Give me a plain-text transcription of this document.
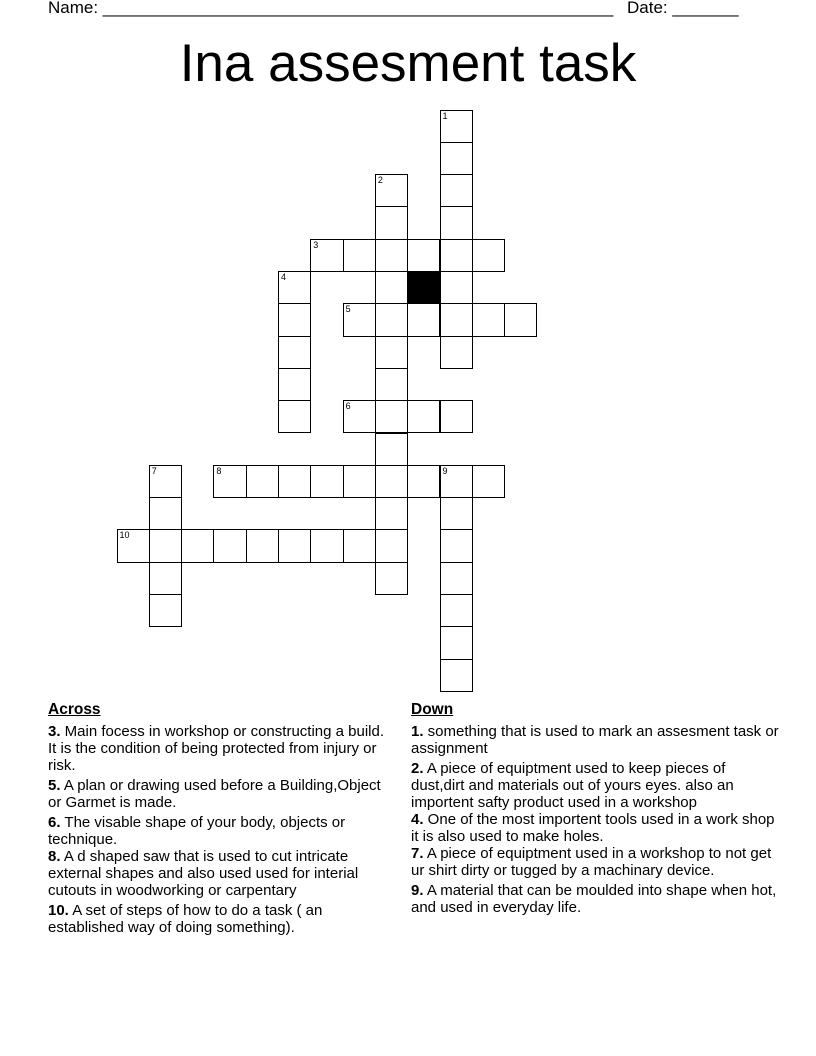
Name: ______________________________________________________ Date: _______
Ina assesment task
1
2
3
4
5
6
7	8	9
10
Across
3. Main focess in workshop or constructing a build. It is the condition of being protected from injury or risk.
5. A plan or drawing used before a Building,Object or Garmet is made.
6. The visable shape of your body, objects or technique.
8. A d shaped saw that is used to cut intricate external shapes and also used used for interial cutouts in woodworking or carpentary
10. A set of steps of how to do a task ( an established way of doing something).
Down
1. something that is used to mark an assesment task or assignment
2. A piece of equiptment used to keep pieces of dust,dirt and materials out of yours eyes. also an importent safty product used in a workshop
4. One of the most importent tools used in a work shop it is also used to make holes.
7. A piece of equiptment used in a workshop to not get ur shirt dirty or tugged by a machinary device.
9. A material that can be moulded into shape when hot, and used in everyday life.
